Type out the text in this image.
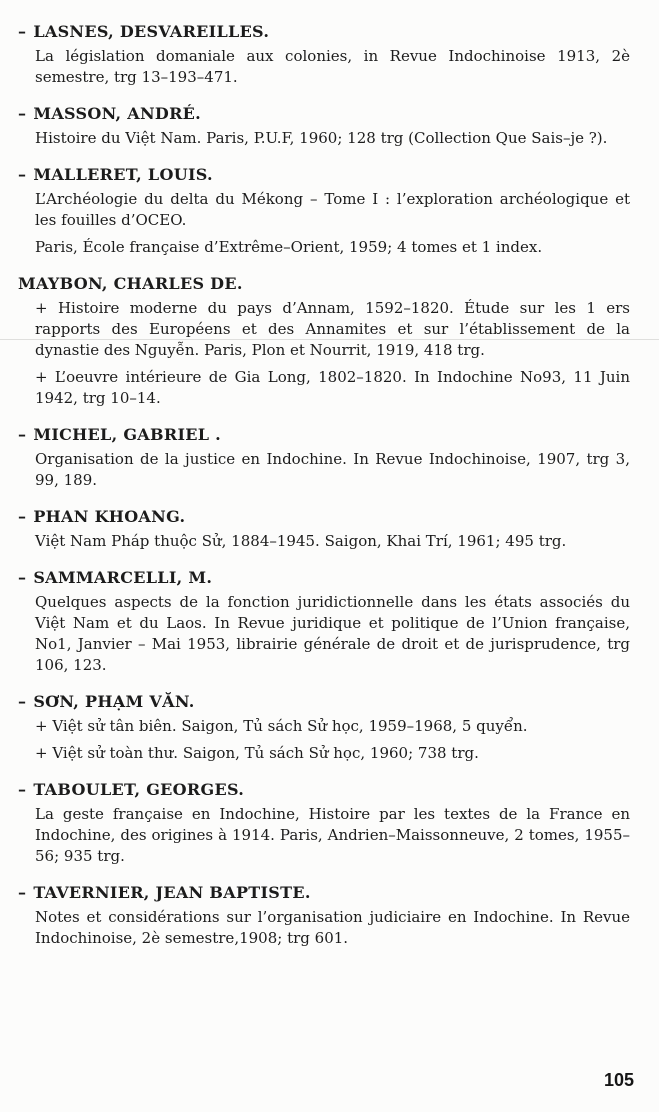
– LASNES, DESVAREILLES.

La législation domaniale aux colonies, in Revue Indochinoise 1913, 2è semestre, trg 13–193–471.

– MASSON, ANDRÉ.

Histoire du Việt Nam. Paris, P.U.F, 1960; 128 trg (Collection Que Sais–je ?).

– MALLERET, LOUIS.

L’Archéologie du delta du Mékong – Tome I : l’exploration archéologique et les fouilles d’OCEO.

Paris, École française d’Extrême–Orient, 1959; 4 tomes et 1 index.

MAYBON, CHARLES DE.

+ Histoire moderne du pays d’Annam, 1592–1820. Étude sur les 1 ers rapports des Européens et des Annamites et sur l’établissement de la dynastie des Nguyễn. Paris, Plon et Nourrit, 1919, 418 trg.

+ L’oeuvre intérieure de Gia Long, 1802–1820. In Indochine No93, 11 Juin 1942, trg 10–14.

– MICHEL, GABRIEL .

Organisation de la justice en Indochine. In Revue Indochinoise, 1907, trg 3, 99, 189.

– PHAN KHOANG.

Việt Nam Pháp thuộc Sử, 1884–1945. Saigon, Khai Trí, 1961; 495 trg.

– SAMMARCELLI, M.

Quelques aspects de la fonction juridictionnelle dans les états associés du Việt Nam et du Laos. In Revue juridique et politique de l’Union française, No1, Janvier – Mai 1953, librairie générale de droit et de jurisprudence, trg 106, 123.

– SƠN, PHẠM VĂN.

+ Việt sử tân biên. Saigon, Tủ sách Sử học, 1959–1968, 5 quyển.

+ Việt sử toàn thư. Saigon, Tủ sách Sử học, 1960; 738 trg.

– TABOULET, GEORGES.

La geste française en Indochine, Histoire par les textes de la France en Indochine, des origines à 1914. Paris, Andrien–Maissonneuve, 2 tomes, 1955–56; 935 trg.

– TAVERNIER, JEAN BAPTISTE.

Notes et considérations sur l’organisation judiciaire en Indochine. In Revue Indochinoise, 2è semestre,1908; trg 601.

105
